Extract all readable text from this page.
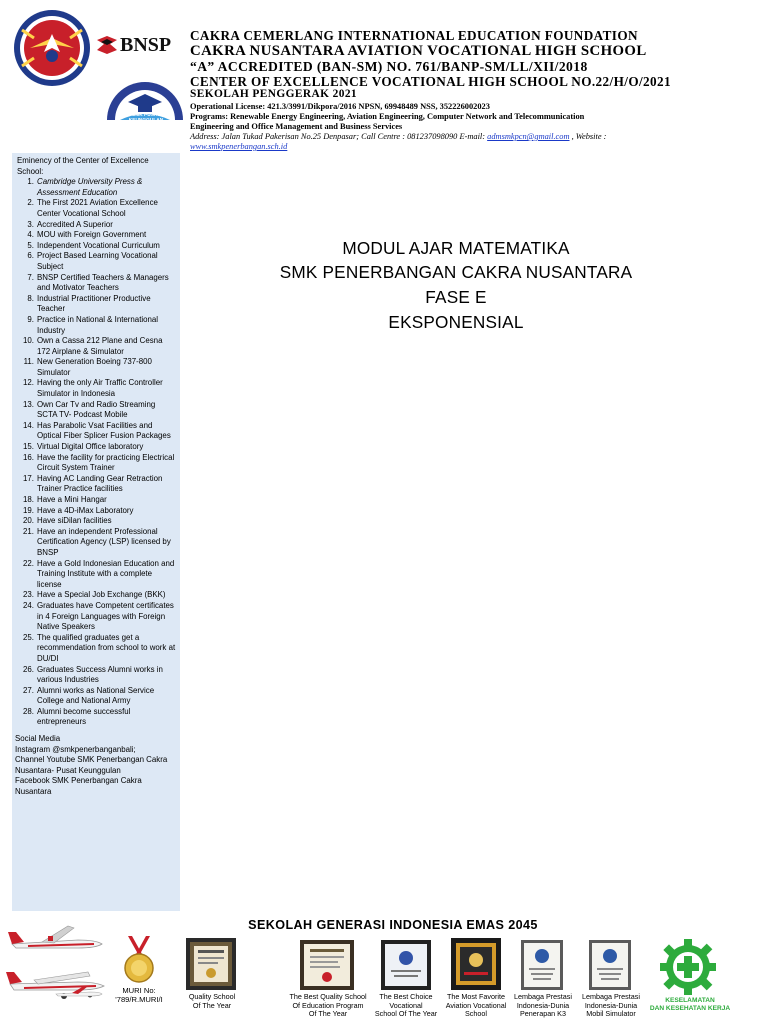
BNSP
SMK PUSAT KEUNGGULAN
CAKRA CEMERLANG INTERNATIONAL EDUCATION FOUNDATION
CAKRA NUSANTARA AVIATION VOCATIONAL HIGH SCHOOL
“A” ACCREDITED (BAN-SM) NO. 761/BANP-SM/LL/XII/2018
CENTER OF EXCELLENCE VOCATIONAL HIGH SCHOOL NO.22/H/O/2021
SEKOLAH PENGGERAK 2021
Operational License: 421.3/3991/Dikpora/2016 NPSN, 69948489 NSS, 352226002023
Programs: Renewable Energy Engineering, Aviation Engineering, Computer Network and Telecommunication
Engineering and Office Management and Business Services
Address: Jalan Tukad Pakerisan No.25 Denpasar; Call Centre : 081237098090 E-mail: admsmkpcn@gmail.com , Website :
www.smkpenerbangan.sch.id
Eminency of the Center of Excellence School:
1. Cambridge University Press & Assessment Education
2. The First 2021 Aviation Excellence Center Vocational School
3. Accredited A Superior
4. MOU with Foreign Government
5. Independent Vocational Curriculum
6. Project Based Learning Vocational Subject
7. BNSP Certified Teachers & Managers and Motivator Teachers
8. Industrial Practitioner Productive Teacher
9. Practice in National & International Industry
10. Own a Cassa 212 Plane and Cesna 172 Airplane & Simulator
11. New Generation Boeing 737-800 Simulator
12. Having the only Air Traffic Controller Simulator in Indonesia
13. Own Car Tv and Radio Streaming SCTA TV- Podcast Mobile
14. Has Parabolic Vsat Facilities and Optical Fiber Splicer Fusion Packages
15. Virtual Digital Office laboratory
16. Have the facility for practicing Electrical Circuit System Trainer
17. Having AC Landing Gear Retraction Trainer Practice facilities
18. Have a Mini Hangar
19. Have a 4D-iMax Laboratory
20. Have siDilan facilities
21. Have an independent Professional Certification Agency (LSP) licensed by BNSP
22. Have a Gold Indonesian Education and Training Institute with a complete license
23. Have a Special Job Exchange (BKK)
24. Graduates have Competent certificates in 4 Foreign Languages with Foreign Native Speakers
25. The qualified graduates get a recommendation from school to work at DU/DI
26. Graduates Success Alumni works in various Industries
27. Alumni works as National Service College and National Army
28. Alumni become successful entrepreneurs
Social Media
Instagram @smkpenerbanganbali;
Channel Youtube SMK Penerbangan Cakra Nusantara- Pusat Keunggulan
Facebook SMK Penerbangan Cakra Nusantara
MODUL AJAR MATEMATIKA
SMK PENERBANGAN CAKRA NUSANTARA
FASE E
EKSPONENSIAL
SEKOLAH GENERASI INDONESIA EMAS 2045
MURI No:
'789/R.MURI/I	Quality School
Of The Year
The Best Quality School
Of Education Program
Of The Year
The Best Choice
Vocational
School Of The Year
The Most Favorite
Aviation Vocational
School
Lembaga Prestasi
Indonesia-Dunia
Penerapan K3
Lembaga Prestasi
Indonesia-Dunia
Mobil Simulator
KESELAMATAN
DAN KESEHATAN KERJA
